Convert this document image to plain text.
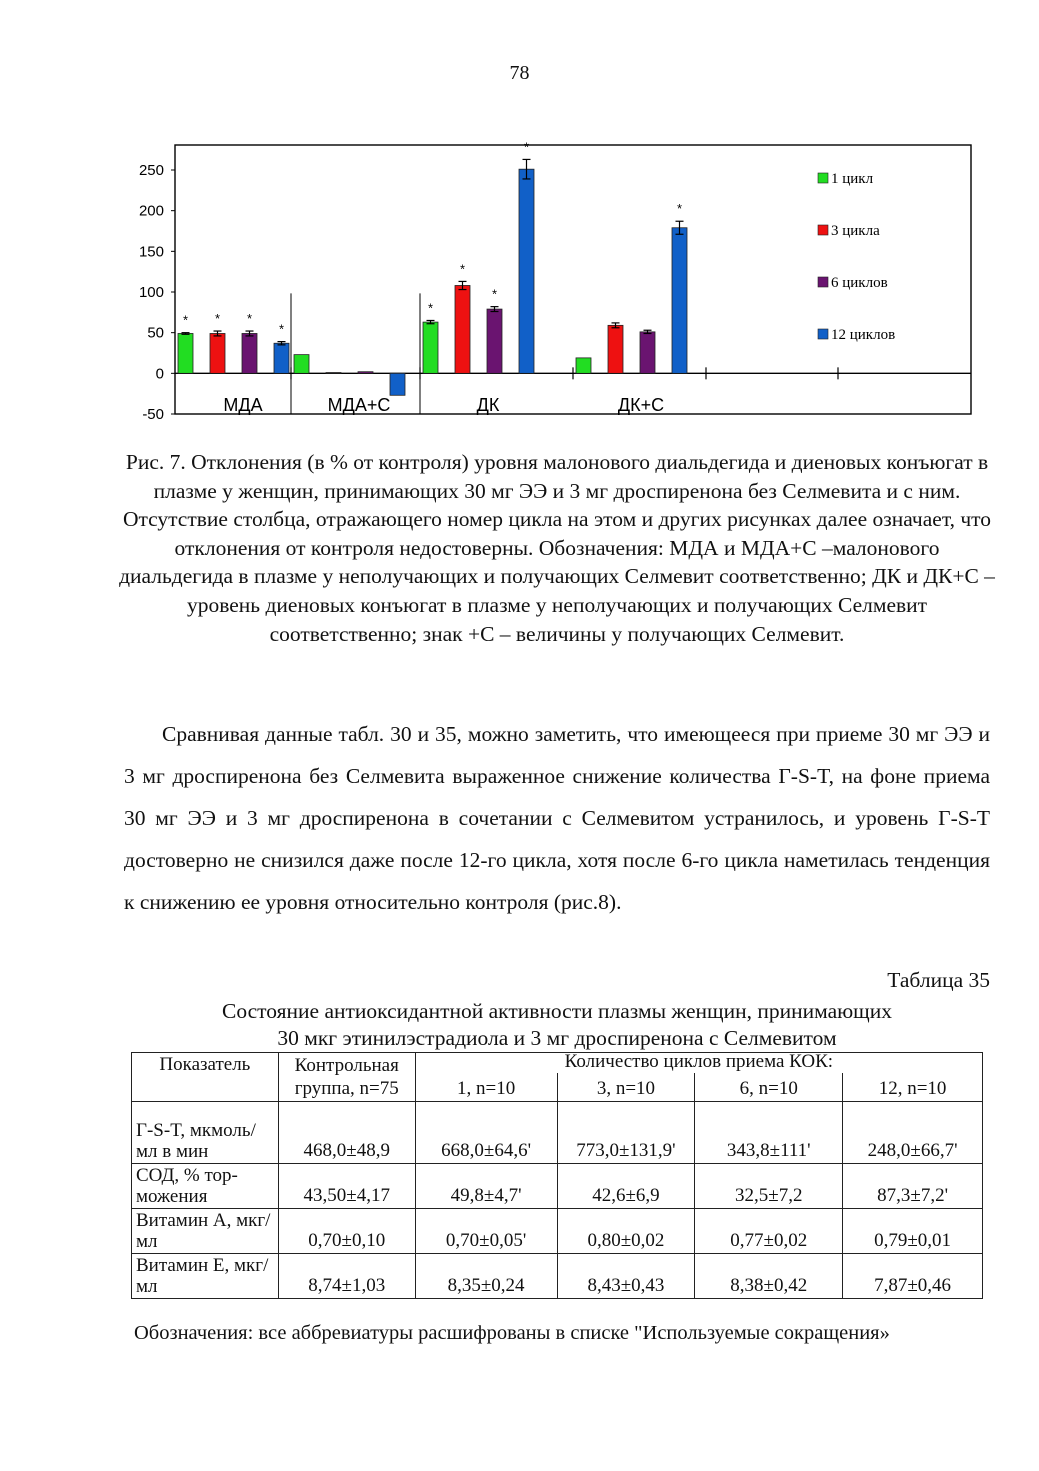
78
250
200
150
100
50
0
-50
* * *
*
МДА	МДА+С
*
*
*
*
ДК
*
ДК+С
1 цикл
3 цикла
6 циклов
12 циклов
Рис. 7. Отклонения (в % от контроля) уровня малонового диальдегида и диеновых конъюгат в плазме у женщин, принимающих 30 мг ЭЭ и 3 мг дроспиренона без Селмевита и с ним. Отсутствие столбца, отражающего номер цикла на этом и других рисунках далее означает, что отклонения от контроля недостоверны. Обозначения: МДА и МДА+С –малонового диальдегида в плазме у неполучающих и получающих Селмевит соответственно; ДК и ДК+С – уровень диеновых конъюгат в плазме у неполучающих и получающих Селмевит соответственно; знак +С – величины у получающих Селмевит.

Сравнивая данные табл. 30 и 35, можно заметить, что имеющееся при приеме 30 мг ЭЭ и 3 мг дроспиренона без Селмевита выраженное снижение количества Г-S-T, на фоне приема 30 мг ЭЭ и 3 мг дроспиренона в сочетании с Селмевитом устранилось, и уровень Г-S-T достоверно не снизился даже после 12-го цикла, хотя после 6-го цикла наметилась тенденция к снижению ее уровня относительно контроля (рис.8).

Таблица 35
Состояние антиоксидантной активности плазмы женщин, принимающих
30 мкг этинилэстрадиола и 3 мг дроспиренона с Селмевитом
Показатель	Контрольная группа, n=75	Количество циклов приема КОК:			
		1, n=10	3, n=10	6, n=10	12, n=10
Г-S-T, мкмоль/мл в мин	468,0±48,9	668,0±64,6'	773,0±131,9'	343,8±111'	248,0±66,7'
СОД, % тор-можения	43,50±4,17	49,8±4,7'	42,6±6,9	32,5±7,2	87,3±7,2'
Витамин А, мкг/мл	0,70±0,10	0,70±0,05'	0,80±0,02	0,77±0,02	0,79±0,01
Витамин Е, мкг/мл	8,74±1,03	8,35±0,24	8,43±0,43	8,38±0,42	7,87±0,46
Обозначения: все аббревиатуры расшифрованы в списке "Используемые сокращения»
